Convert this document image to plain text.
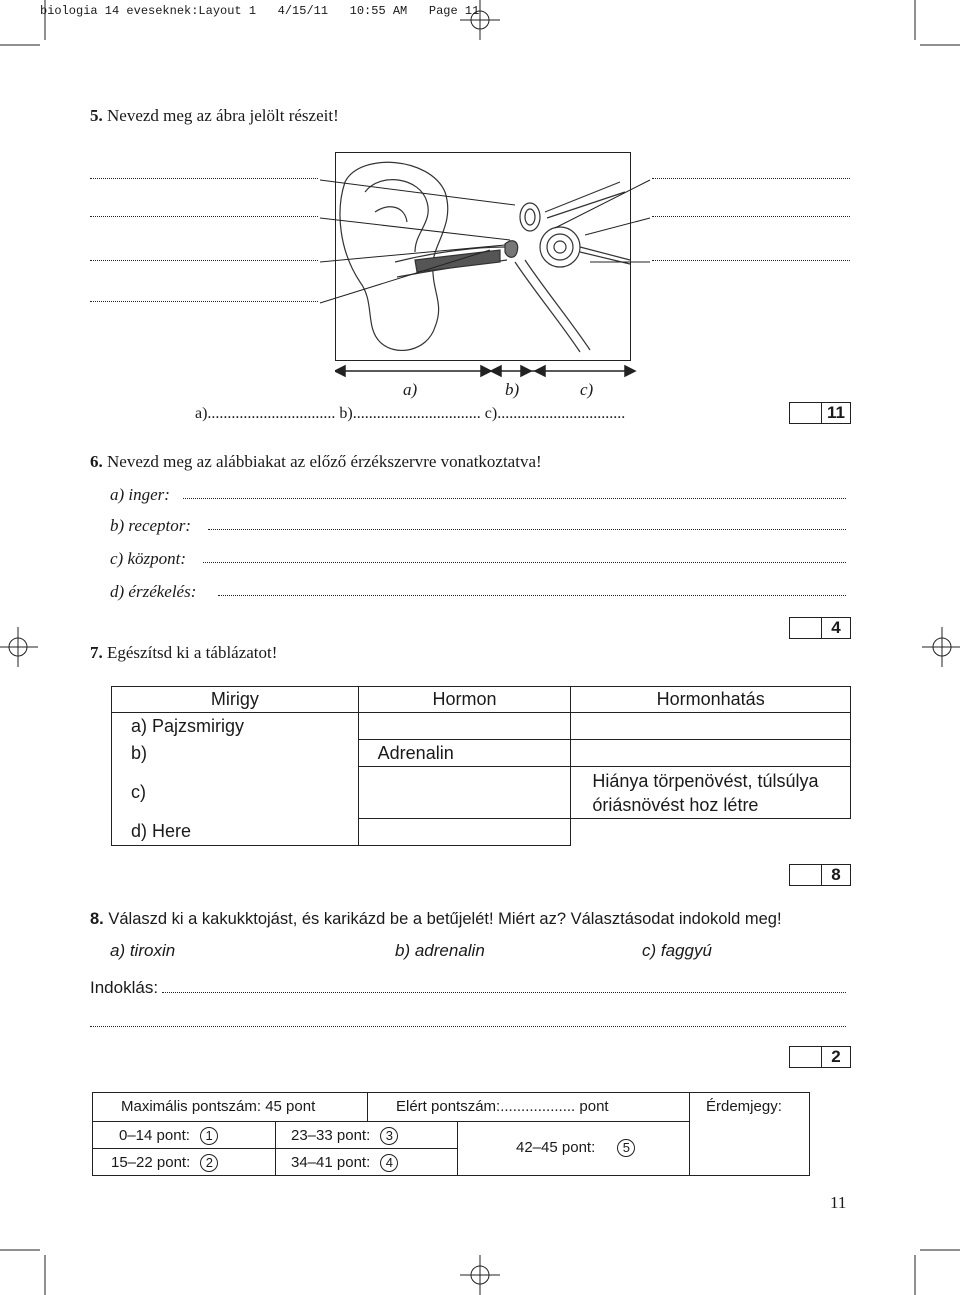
biologia 14 eveseknek:Layout 1   4/15/11   10:55 AM   Page 11
5. Nevezd meg az ábra jelölt részeit!
a)	b)	c)
a)................................ b)................................ c)................................	11
6. Nevezd meg az alábbiakat az előző érzékszervre vonatkoztatva!
a) inger:
b) receptor:
c) központ:
d) érzékelés:
4
7. Egészítsd ki a táblázatot!
Mirigy	Hormon	Hormonhatás
a) Pajzsmirigy		
b)	Adrenalin	
c)		Hiánya törpenövést, túlsúlya óriásnövést hoz létre
d) Here		
8
8. Válaszd ki a kakukktojást, és karikázd be a betűjelét! Miért az? Választásodat indokold meg!
a) tiroxin	b) adrenalin	c) faggyú
Indoklás:
2
Maximális pontszám: 45 pont	Elért pontszám:.................. pont	Érdemjegy:
0–14 pont: 1
15–22 pont: 2
23–33 pont: 3
34–41 pont: 4
42–45 pont: 5
11
